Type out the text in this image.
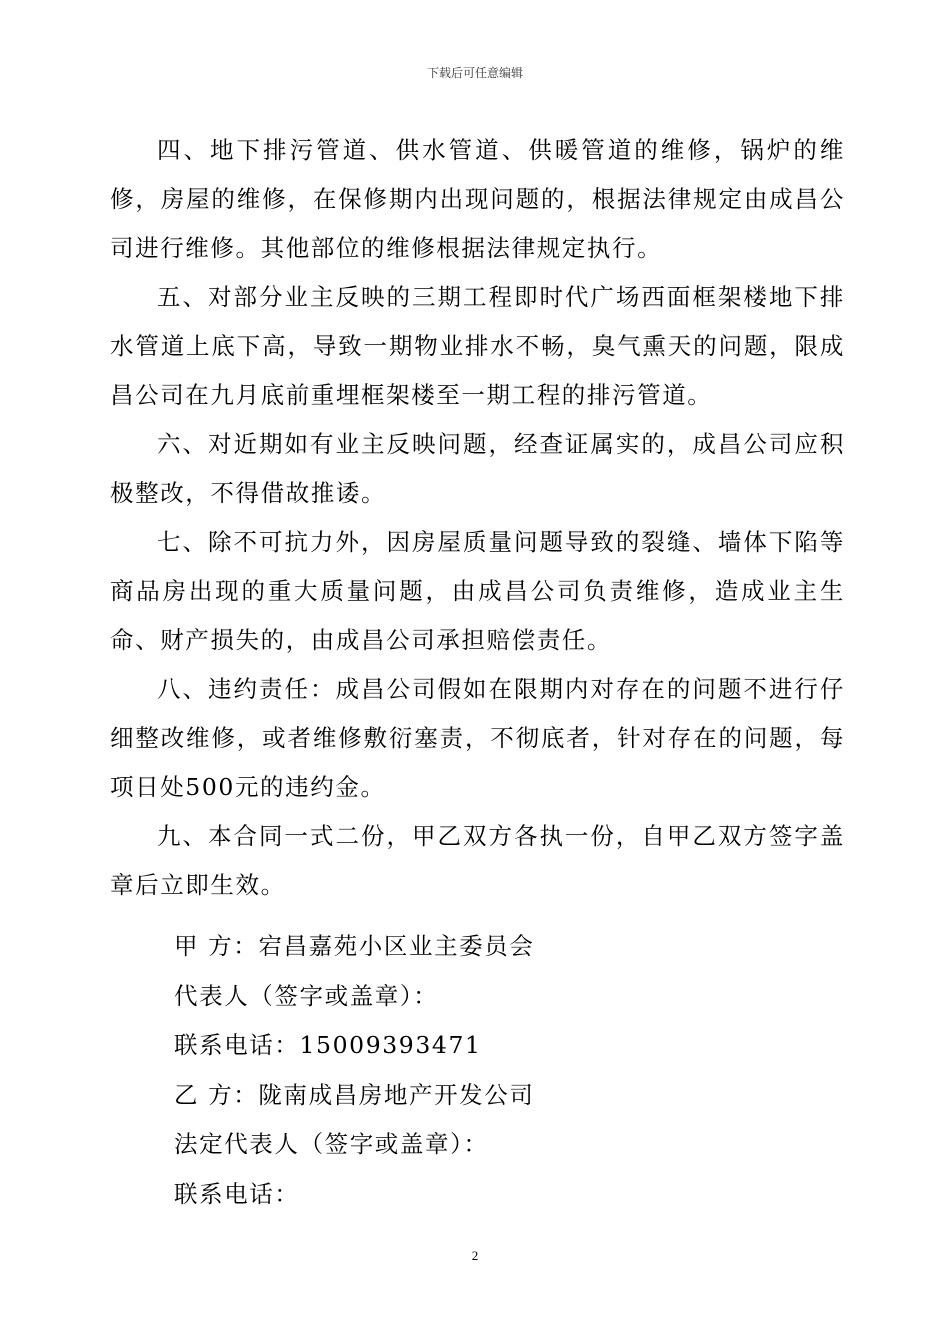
下载后可任意编辑

四、地下排污管道、供水管道、供暖管道的维修，锅炉的维修，房屋的维修，在保修期内出现问题的，根据法律规定由成昌公司进行维修。其他部位的维修根据法律规定执行。

五、对部分业主反映的三期工程即时代广场西面框架楼地下排水管道上底下高，导致一期物业排水不畅，臭气熏天的问题，限成昌公司在九月底前重埋框架楼至一期工程的排污管道。

六、对近期如有业主反映问题，经查证属实的，成昌公司应积极整改，不得借故推诿。

七、除不可抗力外，因房屋质量问题导致的裂缝、墙体下陷等商品房出现的重大质量问题，由成昌公司负责维修，造成业主生命、财产损失的，由成昌公司承担赔偿责任。

八、违约责任：成昌公司假如在限期内对存在的问题不进行仔细整改维修，或者维修敷衍塞责，不彻底者，针对存在的问题，每项日处500元的违约金。

九、本合同一式二份，甲乙双方各执一份，自甲乙双方签字盖章后立即生效。

甲 方：宕昌嘉苑小区业主委员会

代表人（签字或盖章）：

联系电话：15009393471

乙 方：陇南成昌房地产开发公司

法定代表人（签字或盖章）：

联系电话：

2
